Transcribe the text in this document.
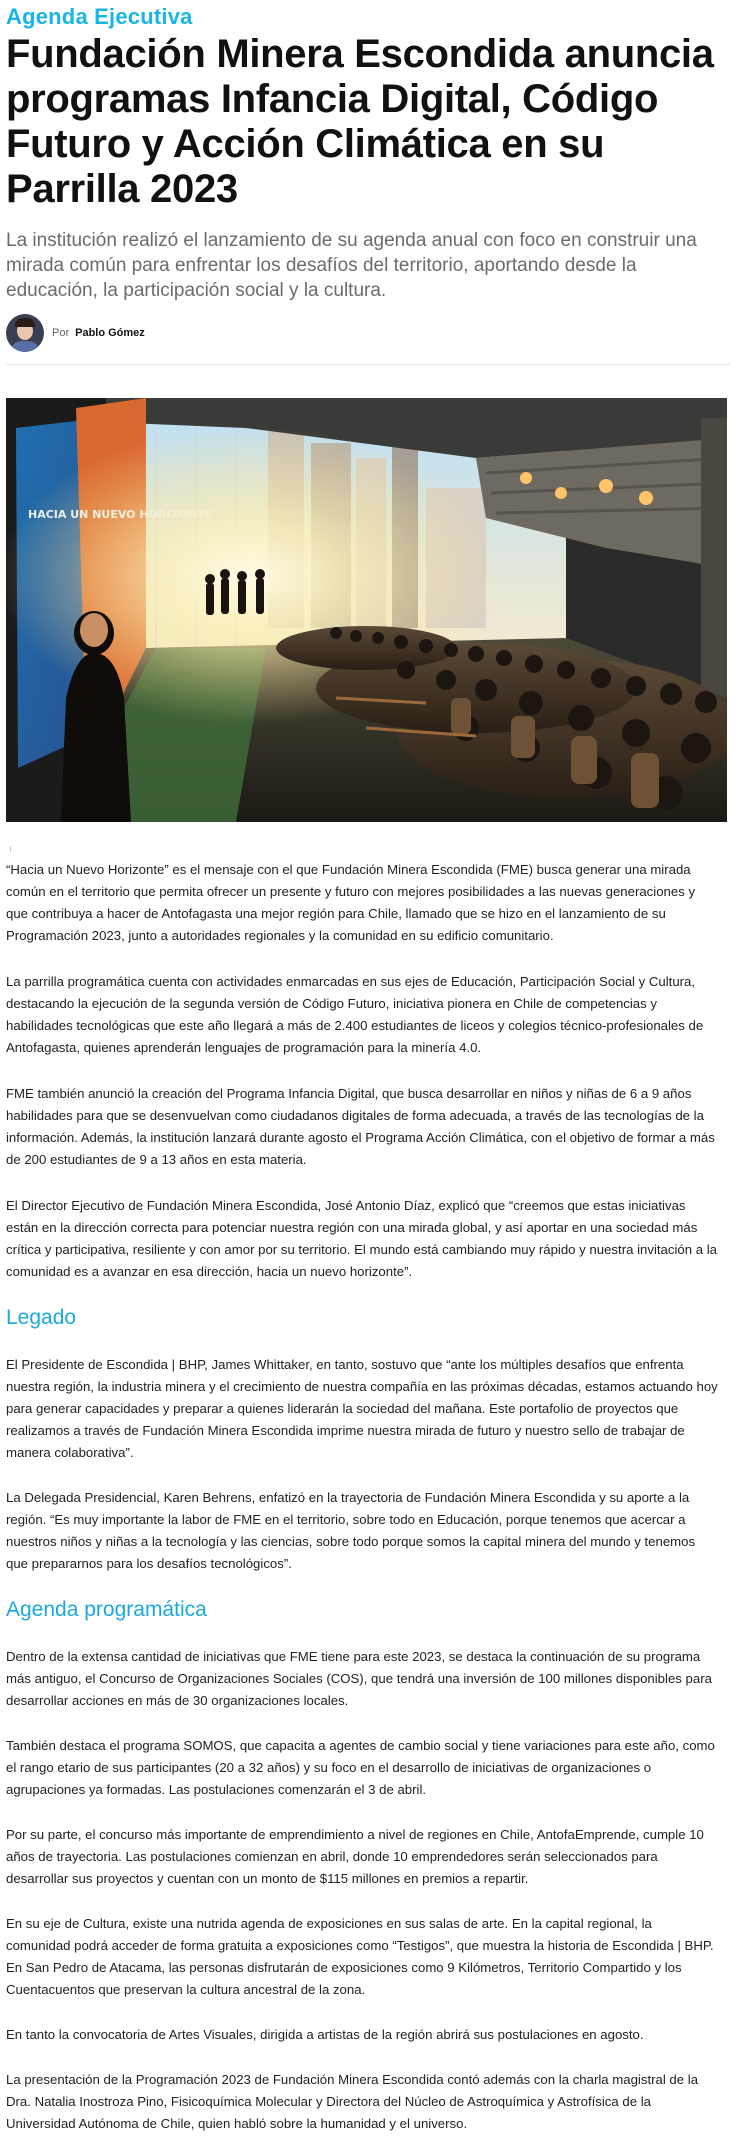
Agenda Ejecutiva
Fundación Minera Escondida anuncia programas Infancia Digital, Código Futuro y Acción Climática en su Parrilla 2023

La institución realizó el lanzamiento de su agenda anual con foco en construir una mirada común para enfrentar los desafíos del territorio, aportando desde la educación, la participación social y la cultura.

Por Pablo Gómez

“Hacia un Nuevo Horizonte” es el mensaje con el que Fundación Minera Escondida (FME) busca generar una mirada común en el territorio que permita ofrecer un presente y futuro con mejores posibilidades a las nuevas generaciones y que contribuya a hacer de Antofagasta una mejor región para Chile, llamado que se hizo en el lanzamiento de su Programación 2023, junto a autoridades regionales y la comunidad en su edificio comunitario.

La parrilla programática cuenta con actividades enmarcadas en sus ejes de Educación, Participación Social y Cultura, destacando la ejecución de la segunda versión de Código Futuro, iniciativa pionera en Chile de competencias y habilidades tecnológicas que este año llegará a más de 2.400 estudiantes de liceos y colegios técnico-profesionales de Antofagasta, quienes aprenderán lenguajes de programación para la minería 4.0.

FME también anunció la creación del Programa Infancia Digital, que busca desarrollar en niños y niñas de 6 a 9 años habilidades para que se desenvuelvan como ciudadanos digitales de forma adecuada, a través de las tecnologías de la información. Además, la institución lanzará durante agosto el Programa Acción Climática, con el objetivo de formar a más de 200 estudiantes de 9 a 13 años en esta materia.

El Director Ejecutivo de Fundación Minera Escondida, José Antonio Díaz, explicó que “creemos que estas iniciativas están en la dirección correcta para potenciar nuestra región con una mirada global, y así aportar en una sociedad más crítica y participativa, resiliente y con amor por su territorio. El mundo está cambiando muy rápido y nuestra invitación a la comunidad es a avanzar en esa dirección, hacia un nuevo horizonte”.

Legado

El Presidente de Escondida | BHP, James Whittaker, en tanto, sostuvo que “ante los múltiples desafíos que enfrenta nuestra región, la industria minera y el crecimiento de nuestra compañía en las próximas décadas, estamos actuando hoy para generar capacidades y preparar a quienes liderarán la sociedad del mañana. Este portafolio de proyectos que realizamos a través de Fundación Minera Escondida imprime nuestra mirada de futuro y nuestro sello de trabajar de manera colaborativa”.

La Delegada Presidencial, Karen Behrens, enfatizó en la trayectoria de Fundación Minera Escondida y su aporte a la región. “Es muy importante la labor de FME en el territorio, sobre todo en Educación, porque tenemos que acercar a nuestros niños y niñas a la tecnología y las ciencias, sobre todo porque somos la capital minera del mundo y tenemos que prepararnos para los desafíos tecnológicos”.

Agenda programática

Dentro de la extensa cantidad de iniciativas que FME tiene para este 2023, se destaca la continuación de su programa más antiguo, el Concurso de Organizaciones Sociales (COS), que tendrá una inversión de 100 millones disponibles para desarrollar acciones en más de 30 organizaciones locales.

También destaca el programa SOMOS, que capacita a agentes de cambio social y tiene variaciones para este año, como el rango etario de sus participantes (20 a 32 años) y su foco en el desarrollo de iniciativas de organizaciones o agrupaciones ya formadas. Las postulaciones comenzarán el 3 de abril.

Por su parte, el concurso más importante de emprendimiento a nivel de regiones en Chile, AntofaEmprende, cumple 10 años de trayectoria. Las postulaciones comienzan en abril, donde 10 emprendedores serán seleccionados para desarrollar sus proyectos y cuentan con un monto de $115 millones en premios a repartir.

En su eje de Cultura, existe una nutrida agenda de exposiciones en sus salas de arte. En la capital regional, la comunidad podrá acceder de forma gratuita a exposiciones como “Testigos”, que muestra la historia de Escondida | BHP. En San Pedro de Atacama, las personas disfrutarán de exposiciones como 9 Kilómetros, Territorio Compartido y los Cuentacuentos que preservan la cultura ancestral de la zona.

En tanto la convocatoria de Artes Visuales, dirigida a artistas de la región abrirá sus postulaciones en agosto.

La presentación de la Programación 2023 de Fundación Minera Escondida contó además con la charla magistral de la Dra. Natalia Inostroza Pino, Fisicoquímica Molecular y Directora del Núcleo de Astroquímica y Astrofísica de la Universidad Autónoma de Chile, quien habló sobre la humanidad y el universo.
